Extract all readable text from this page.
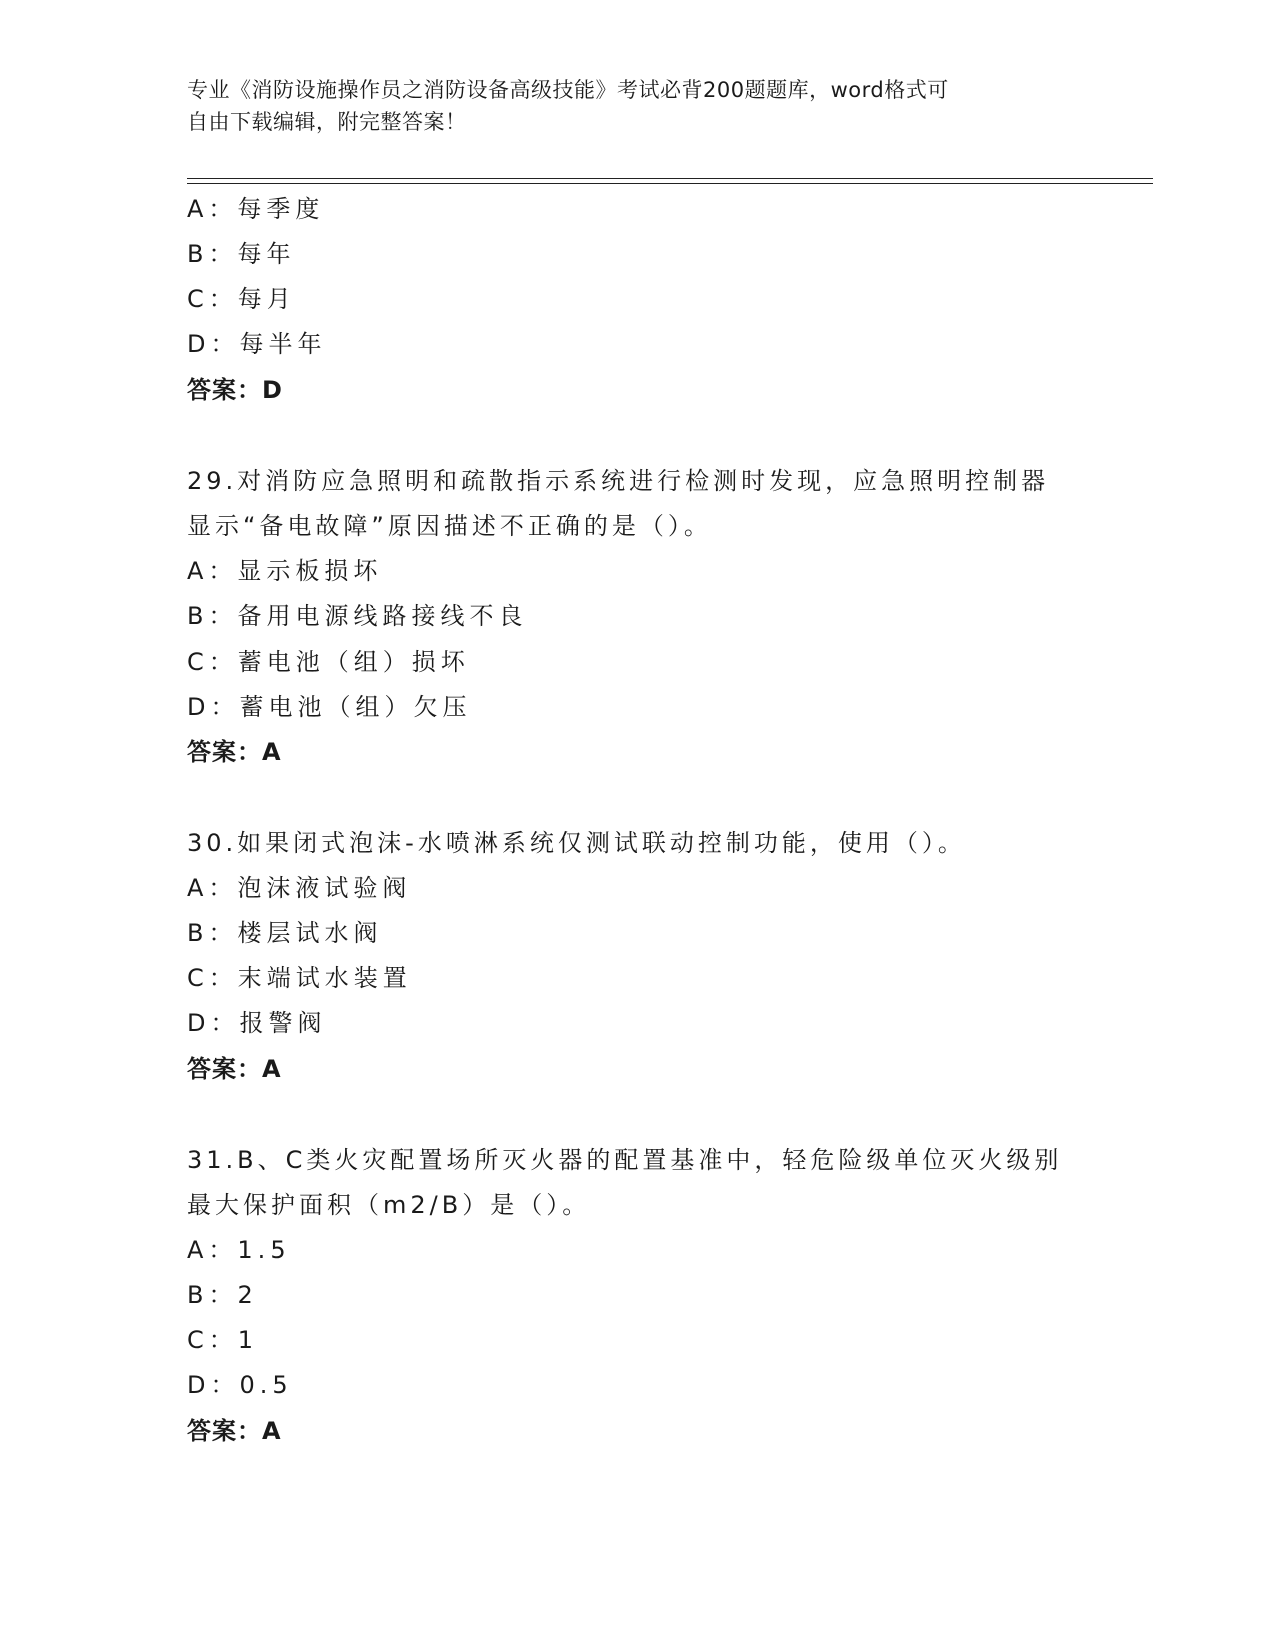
专业《消防设施操作员之消防设备高级技能》考试必背200题题库，word格式可
自由下载编辑，附完整答案！
A：每季度
B：每年
C：每月
D：每半年
答案：D
29.对消防应急照明和疏散指示系统进行检测时发现，应急照明控制器
显示“备电故障”原因描述不正确的是（）。
A：显示板损坏
B：备用电源线路接线不良
C：蓄电池（组）损坏
D：蓄电池（组）欠压
答案：A
30.如果闭式泡沫-水喷淋系统仅测试联动控制功能，使用（）。
A：泡沫液试验阀
B：楼层试水阀
C：末端试水装置
D：报警阀
答案：A
31.B、C类火灾配置场所灭火器的配置基准中，轻危险级单位灭火级别
最大保护面积（m2/B）是（）。
A：1.5
B：2
C：1
D：0.5
答案：A
